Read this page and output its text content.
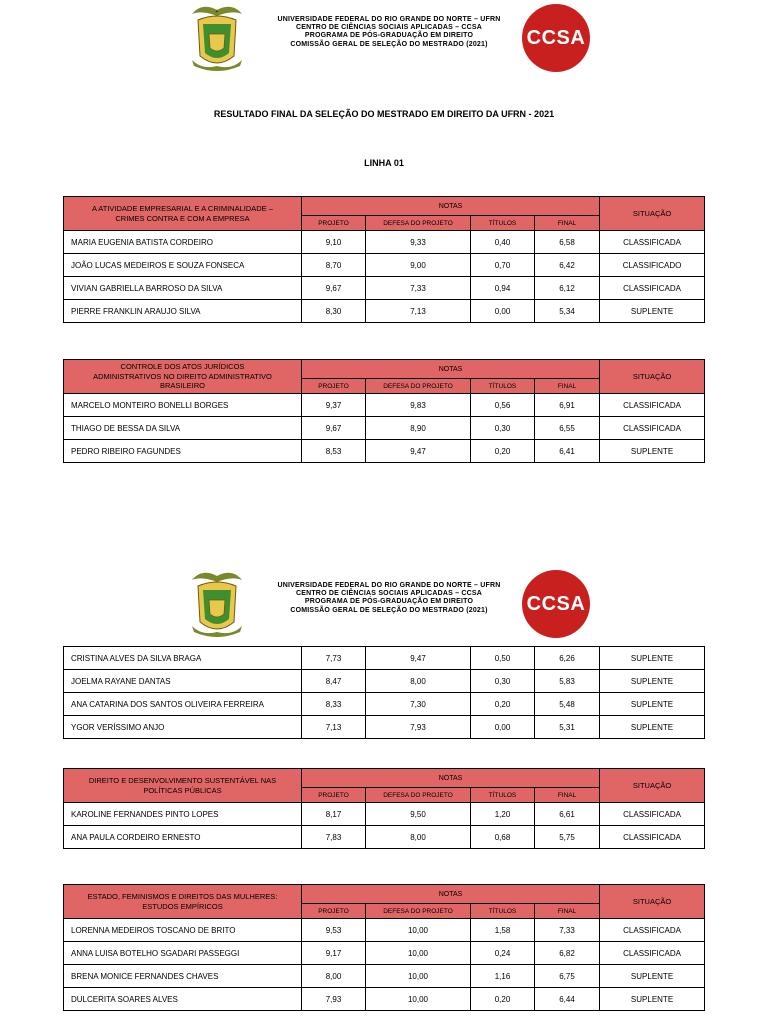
✦
UNIVERSIDADE FEDERAL DO RIO GRANDE DO NORTE – UFRN
CENTRO DE CIÊNCIAS SOCIAIS APLICADAS – CCSA
PROGRAMA DE PÓS-GRADUAÇÃO EM DIREITO
COMISSÃO GERAL DE SELEÇÃO DO MESTRADO (2021)	CCSA
RESULTADO FINAL DA SELEÇÃO DO MESTRADO EM DIREITO DA UFRN - 2021
LINHA 01
A ATIVIDADE EMPRESARIAL E A CRIMINALIDADE –
CRIMES CONTRA E COM A EMPRESA	NOTAS				SITUAÇÃO
	PROJETO	DEFESA DO PROJETO	TÍTULOS	FINAL	
MARIA EUGENIA BATISTA CORDEIRO	9,10	9,33	0,40	6,58	CLASSIFICADA
JOÃO LUCAS MEDEIROS E SOUZA FONSECA	8,70	9,00	0,70	6,42	CLASSIFICADO
VIVIAN GABRIELLA BARROSO DA SILVA	9,67	7,33	0,94	6,12	CLASSIFICADA
PIERRE FRANKLIN ARAUJO SILVA	8,30	7,13	0,00	5,34	SUPLENTE
CONTROLE DOS ATOS JURÍDICOS
ADMINISTRATIVOS NO DIREITO ADMINISTRATIVO
BRASILEIRO	NOTAS				SITUAÇÃO
	PROJETO	DEFESA DO PROJETO	TÍTULOS	FINAL	
MARCELO MONTEIRO BONELLI BORGES	9,37	9,83	0,56	6,91	CLASSIFICADA
THIAGO DE BESSA DA SILVA	9,67	8,90	0,30	6,55	CLASSIFICADA
PEDRO RIBEIRO FAGUNDES	8,53	9,47	0,20	6,41	SUPLENTE
UNIVERSIDADE FEDERAL DO RIO GRANDE DO NORTE – UFRN
CENTRO DE CIÊNCIAS SOCIAIS APLICADAS – CCSA
PROGRAMA DE PÓS-GRADUAÇÃO EM DIREITO
COMISSÃO GERAL DE SELEÇÃO DO MESTRADO (2021)	CCSA
CRISTINA ALVES DA SILVA BRAGA	7,73	9,47	0,50	6,26	SUPLENTE
JOELMA RAYANE DANTAS	8,47	8,00	0,30	5,83	SUPLENTE
ANA CATARINA DOS SANTOS OLIVEIRA FERREIRA	8,33	7,30	0,20	5,48	SUPLENTE
YGOR VERÍSSIMO ANJO	7,13	7,93	0,00	5,31	SUPLENTE
DIREITO E DESENVOLVIMENTO SUSTENTÁVEL NAS
POLÍTICAS PÚBLICAS	NOTAS				SITUAÇÃO
	PROJETO	DEFESA DO PROJETO	TÍTULOS	FINAL	
KAROLINE FERNANDES PINTO LOPES	8,17	9,50	1,20	6,61	CLASSIFICADA
ANA PAULA CORDEIRO ERNESTO	7,83	8,00	0,68	5,75	CLASSIFICADA
ESTADO, FEMINISMOS E DIREITOS DAS MULHERES:
ESTUDOS EMPÍRICOS	NOTAS				SITUAÇÃO
	PROJETO	DEFESA DO PROJETO	TÍTULOS	FINAL	
LORENNA MEDEIROS TOSCANO DE BRITO	9,53	10,00	1,58	7,33	CLASSIFICADA
ANNA LUISA BOTELHO SGADARI PASSEGGI	9,17	10,00	0,24	6,82	CLASSIFICADA
BRENA MONICE FERNANDES CHAVES	8,00	10,00	1,16	6,75	SUPLENTE
DULCERITA SOARES ALVES	7,93	10,00	0,20	6,44	SUPLENTE
